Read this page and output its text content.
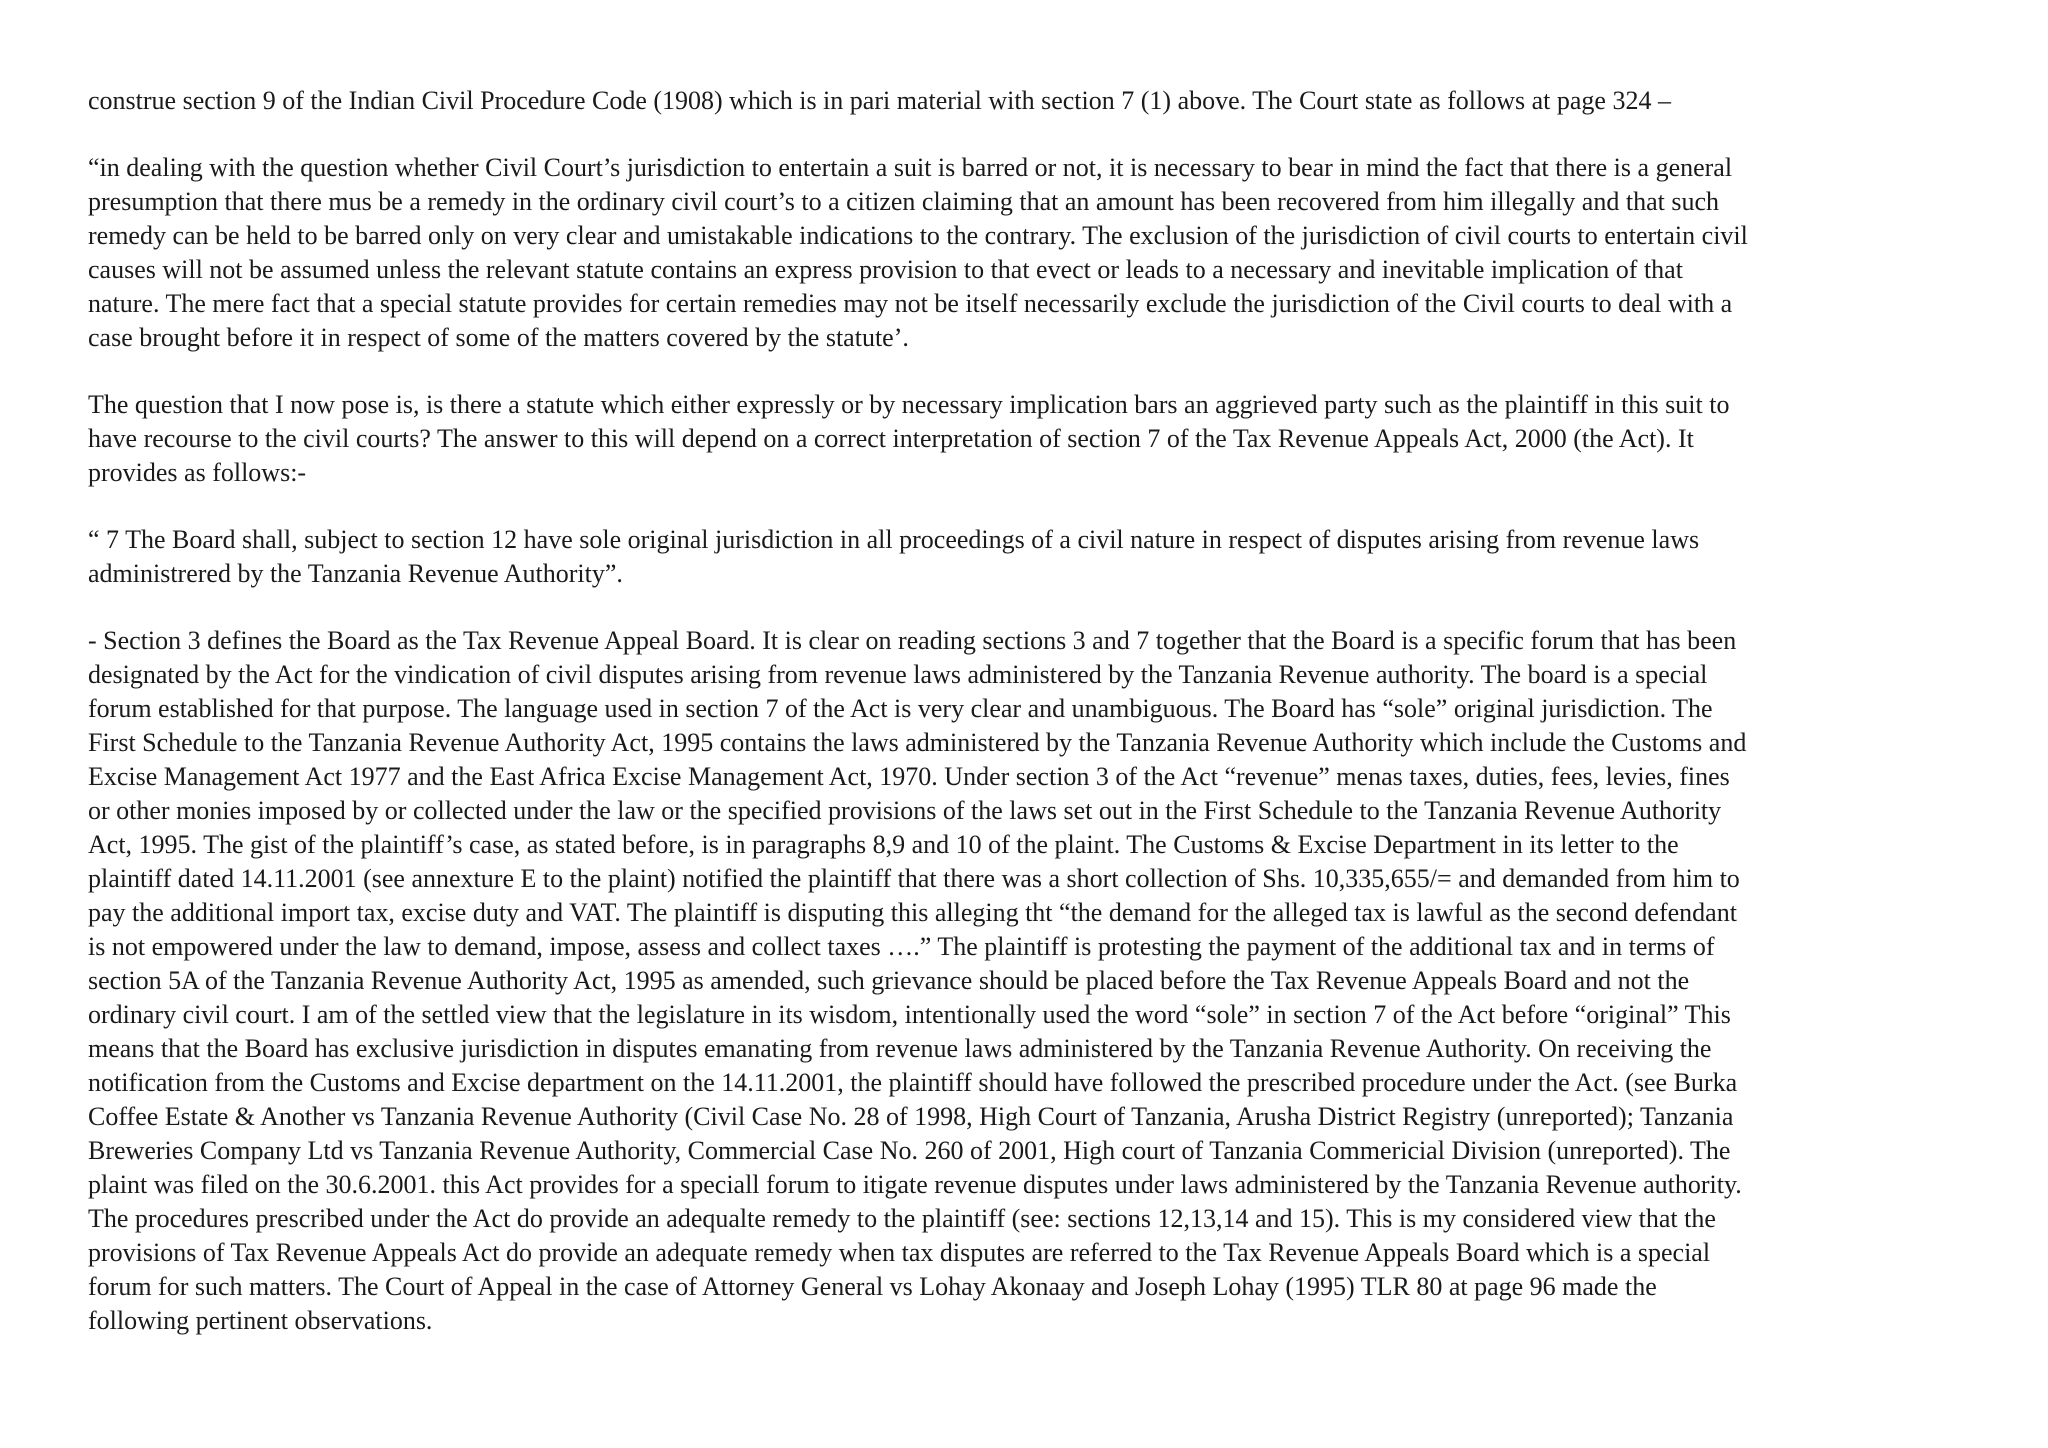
construe section 9 of the Indian Civil Procedure Code (1908) which is in pari material with section 7 (1) above. The Court state as follows at page 324 –

“in dealing with the question whether Civil Court’s jurisdiction to entertain a suit is barred or not, it is necessary to bear in mind the fact that there is a general
presumption that there mus be a remedy in the ordinary civil court’s to a citizen claiming that an amount has been recovered from him illegally and that such
remedy can be held to be barred only on very clear and umistakable indications to the contrary. The exclusion of the jurisdiction of civil courts to entertain civil
causes will not be assumed unless the relevant statute contains an express provision to that evect or leads to a necessary and inevitable implication of that
nature. The mere fact that a special statute provides for certain remedies may not be itself necessarily exclude the jurisdiction of the Civil courts to deal with a
case brought before it in respect of some of the matters covered by the statute’.

The question that I now pose is, is there a statute which either expressly or by necessary implication bars an aggrieved party such as the plaintiff in this suit to
have recourse to the civil courts? The answer to this will depend on a correct interpretation of section 7 of the Tax Revenue Appeals Act, 2000 (the Act). It
provides as follows:-

“ 7 The Board shall, subject to section 12 have sole original jurisdiction in all proceedings of a civil nature in respect of disputes arising from revenue laws
administrered by the Tanzania Revenue Authority”.

- Section 3 defines the Board as the Tax Revenue Appeal Board. It is clear on reading sections 3 and 7 together that the Board is a specific forum that has been
designated by the Act for the vindication of civil disputes arising from revenue laws administered by the Tanzania Revenue authority. The board is a special
forum established for that purpose. The language used in section 7 of the Act is very clear and unambiguous. The Board has “sole” original jurisdiction. The
First Schedule to the Tanzania Revenue Authority Act, 1995 contains the laws administered by the Tanzania Revenue Authority which include the Customs and
Excise Management Act 1977 and the East Africa Excise Management Act, 1970. Under section 3 of the Act “revenue” menas taxes, duties, fees, levies, fines
or other monies imposed by or collected under the law or the specified provisions of the laws set out in the First Schedule to the Tanzania Revenue Authority
Act, 1995. The gist of the plaintiff’s case, as stated before, is in paragraphs 8,9 and 10 of the plaint. The Customs & Excise Department in its letter to the
plaintiff dated 14.11.2001 (see annexture E to the plaint) notified the plaintiff that there was a short collection of Shs. 10,335,655/= and demanded from him to
pay the additional import tax, excise duty and VAT. The plaintiff is disputing this alleging tht “the demand for the alleged tax is lawful as the second defendant
is not empowered under the law to demand, impose, assess and collect taxes ….” The plaintiff is protesting the payment of the additional tax and in terms of
section 5A of the Tanzania Revenue Authority Act, 1995 as amended, such grievance should be placed before the Tax Revenue Appeals Board and not the
ordinary civil court. I am of the settled view that the legislature in its wisdom, intentionally used the word “sole” in section 7 of the Act before “original” This
means that the Board has exclusive jurisdiction in disputes emanating from revenue laws administered by the Tanzania Revenue Authority. On receiving the
notification from the Customs and Excise department on the 14.11.2001, the plaintiff should have followed the prescribed procedure under the Act. (see Burka
Coffee Estate & Another vs Tanzania Revenue Authority (Civil Case No. 28 of 1998, High Court of Tanzania, Arusha District Registry (unreported); Tanzania
Breweries Company Ltd vs Tanzania Revenue Authority, Commercial Case No. 260 of 2001, High court of Tanzania Commericial Division (unreported). The
plaint was filed on the 30.6.2001. this Act provides for a speciall forum to itigate revenue disputes under laws administered by the Tanzania Revenue authority.
The procedures prescribed under the Act do provide an adequalte remedy to the plaintiff (see: sections 12,13,14 and 15). This is my considered view that the
provisions of Tax Revenue Appeals Act do provide an adequate remedy when tax disputes are referred to the Tax Revenue Appeals Board which is a special
forum for such matters. The Court of Appeal in the case of Attorney General vs Lohay Akonaay and Joseph Lohay (1995) TLR 80 at page 96 made the
following pertinent observations.
